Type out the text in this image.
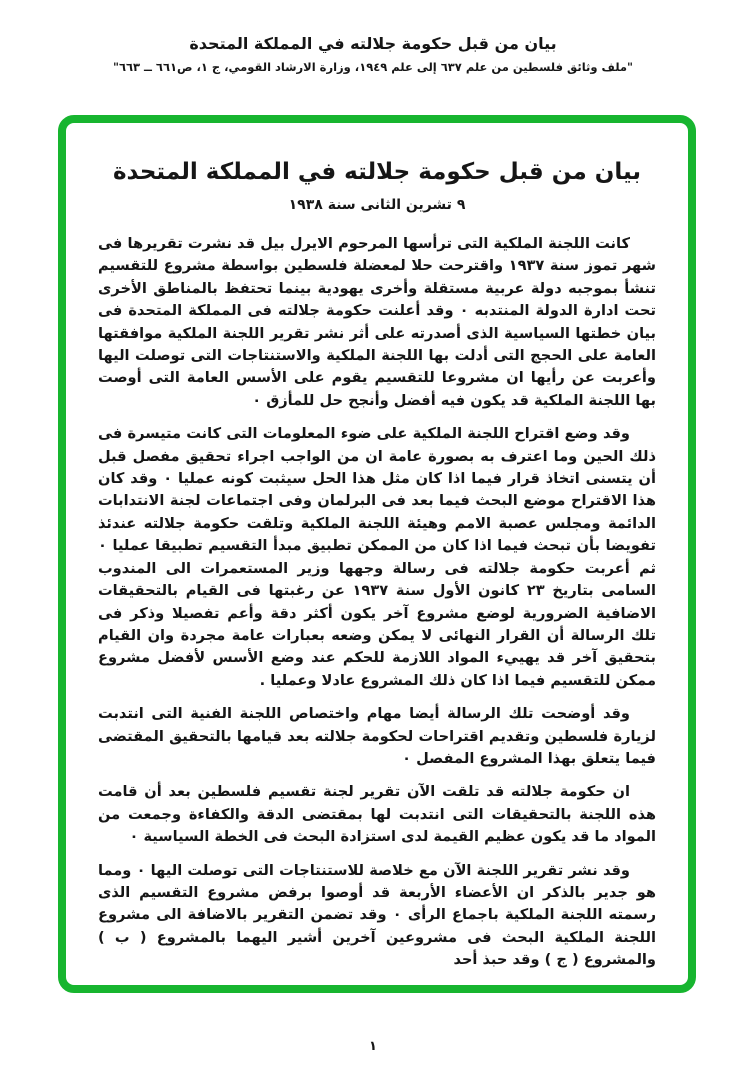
بيان من قبل حكومة جلالته في المملكة المتحدة
"ملف وثائق فلسطين من علم ٦٣٧ إلى علم ١٩٤٩، وزارة الارشاد القومي، ج ١، ص٦٦١ ــ ٦٦٣"
بيان من قبل حكومة جلالته في المملكة المتحدة
٩ تشرين الثانى سنة ١٩٣٨

كانت اللجنة الملكية التى ترأسها المرحوم الايرل بيل قد نشرت تقريرها فى شهر تموز سنة ١٩٣٧ واقترحت حلا لمعضلة فلسطين بواسطة مشروع للتقسيم تنشأ بموجبه دولة عربية مستقلة وأخرى يهودية بينما تحتفظ بالمناطق الأخرى تحت ادارة الدولة المنتدبه ٠ وقد أعلنت حكومة جلالته فى المملكة المتحدة فى بيان خطتها السياسية الذى أصدرته على أثر نشر تقرير اللجنة الملكية موافقتها العامة على الحجج التى أدلت بها اللجنة الملكية والاستنتاجات التى توصلت اليها وأعربت عن رأيها ان مشروعا للتقسيم يقوم على الأسس العامة التى أوصت بها اللجنة الملكية قد يكون فيه أفضل وأنجح حل للمأزق ٠

وقد وضع اقتراح اللجنة الملكية على ضوء المعلومات التى كانت متيسرة فى ذلك الحين وما اعترف به بصورة عامة ان من الواجب اجراء تحقيق مفصل قبل أن يتسنى اتخاذ قرار فيما اذا كان مثل هذا الحل سيثبت كونه عمليا ٠ وقد كان هذا الاقتراح موضع البحث فيما بعد فى البرلمان وفى اجتماعات لجنة الانتدابات الدائمة ومجلس عصبة الامم وهيئة اللجنة الملكية وتلقت حكومة جلالته عندئذ تفويضا بأن تبحث فيما اذا كان من الممكن تطبيق مبدأ التقسيم تطبيقا عمليا ٠ ثم أعربت حكومة جلالته فى رسالة وجهها وزير المستعمرات الى المندوب السامى بتاريخ ٢٣ كانون الأول سنة ١٩٣٧ عن رغبتها فى القيام بالتحقيقات الاضافية الضرورية لوضع مشروع آخر يكون أكثر دقة وأعم تفصيلا وذكر فى تلك الرسالة أن القرار النهائى لا يمكن وضعه بعبارات عامة مجردة وان القيام بتحقيق آخر قد يهييء المواد اللازمة للحكم عند وضع الأسس لأفضل مشروع ممكن للتقسيم فيما اذا كان ذلك المشروع عادلا وعمليا .

وقد أوضحت تلك الرسالة أيضا مهام واختصاص اللجنة الفنية التى انتدبت لزيارة فلسطين وتقديم اقتراحات لحكومة جلالته بعد قيامها بالتحقيق المقتضى فيما يتعلق بهذا المشروع المفصل ٠

ان حكومة جلالته قد تلقت الآن تقرير لجنة تقسيم فلسطين بعد أن قامت هذه اللجنة بالتحقيقات التى انتدبت لها بمقتضى الدقة والكفاءة وجمعت من المواد ما قد يكون عظيم القيمة لدى استزادة البحث فى الخطة السياسية ٠

وقد نشر تقرير اللجنة الآن مع خلاصة للاستنتاجات التى توصلت اليها ٠ ومما هو جدير بالذكر ان الأعضاء الأربعة قد أوصوا برفض مشروع التقسيم الذى رسمته اللجنة الملكية باجماع الرأى ٠ وقد تضمن التقرير بالاضافة الى مشروع اللجنة الملكية البحث فى مشروعين آخرين أشير اليهما بالمشروع ( ب ) والمشروع ( ج ) وقد حبذ أحد

١
